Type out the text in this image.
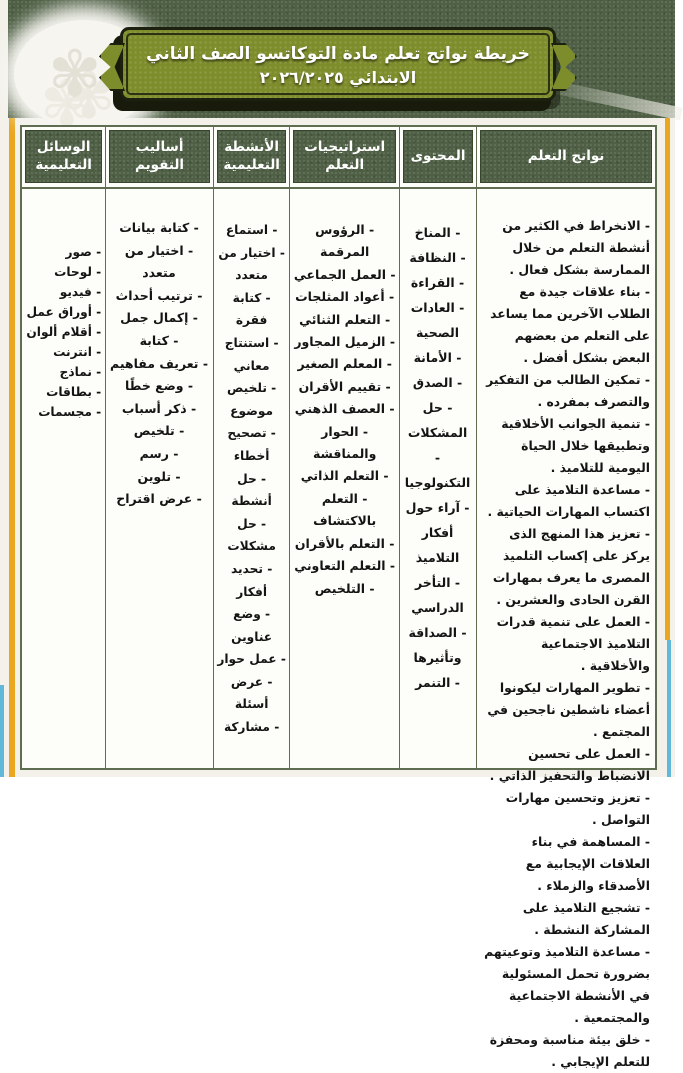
✾	خريطة نواتج تعلم مادة التوكاتسو الصف الثاني
الابتدائي ٢٠٢٦/٢٠٢٥
نواتج التعلم
- الانخراط في الكثير من أنشطة التعلم من خلال الممارسة بشكل فعال .
- بناء علاقات جيدة مع الطلاب الآخرين مما يساعد على التعلم من بعضهم البعض بشكل أفضل .
- تمكين الطالب من التفكير والتصرف بمفرده .
- تنمية الجوانب الأخلاقية وتطبيقها خلال الحياة اليومية للتلاميذ .
- مساعدة التلاميذ على اكتساب المهارات الحياتية .
- تعزيز هذا المنهج الذى يركز على إكساب التلميذ المصرى ما يعرف بمهارات القرن الحادى والعشرين .
- العمل على تنمية قدرات التلاميذ الاجتماعية والأخلاقية .
- تطوير المهارات ليكونوا أعضاء ناشطين ناجحين في المجتمع .
- العمل على تحسين الانضباط والتحفيز الذاتي .
- تعزيز وتحسين مهارات التواصل .
- المساهمة في بناء العلاقات الإيجابية مع الأصدقاء والزملاء .
- تشجيع التلاميذ على المشاركة النشطة .
- مساعدة التلاميذ وتوعيتهم بضرورة تحمل المسئولية في الأنشطة الاجتماعية والمجتمعية .
- خلق بيئة مناسبة ومحفزة للتعلم الإيجابي .
المحتوى
- المناخ
- النظافة
- القراءة
- العادات الصحية
- الأمانة
- الصدق
- حل المشكلات
- التكنولوجيا
- آراء حول أفكار التلاميذ
- التأخر الدراسي
- الصداقة وتأثيرها
- التنمر
استراتيجيات التعلم
- الرؤوس المرقمة
- العمل الجماعي
- أعواد المثلجات
- التعلم الثنائي
- الزميل المجاور
- المعلم الصغير
- تقييم الأقران
- العصف الذهني
- الحوار والمناقشة
- التعلم الذاتي
- التعلم بالاكتشاف
- التعلم بالأقران
- التعلم التعاوني
- التلخيص
الأنشطة التعليمية
- استماع
- اختيار من متعدد
- كتابة فقرة
- استنتاج معاني
- تلخيص موضوع
- تصحيح أخطاء
- حل أنشطة
- حل مشكلات
- تحديد أفكار
- وضع عناوين
- عمل حوار
- عرض أسئلة
- مشاركة
أساليب التقويم
- كتابة بيانات
- اختيار من متعدد
- ترتيب أحداث
- إكمال جمل
- كتابة
- تعريف مفاهيم
- وضع خطًا
- ذكر أسباب
- تلخيص
- رسم
- تلوين
- عرض اقتراح
الوسائل التعليمية
- صور
- لوحات
- فيديو
- أوراق عمل
- أقلام ألوان
- انترنت
- نماذج
- بطاقات
- مجسمات
